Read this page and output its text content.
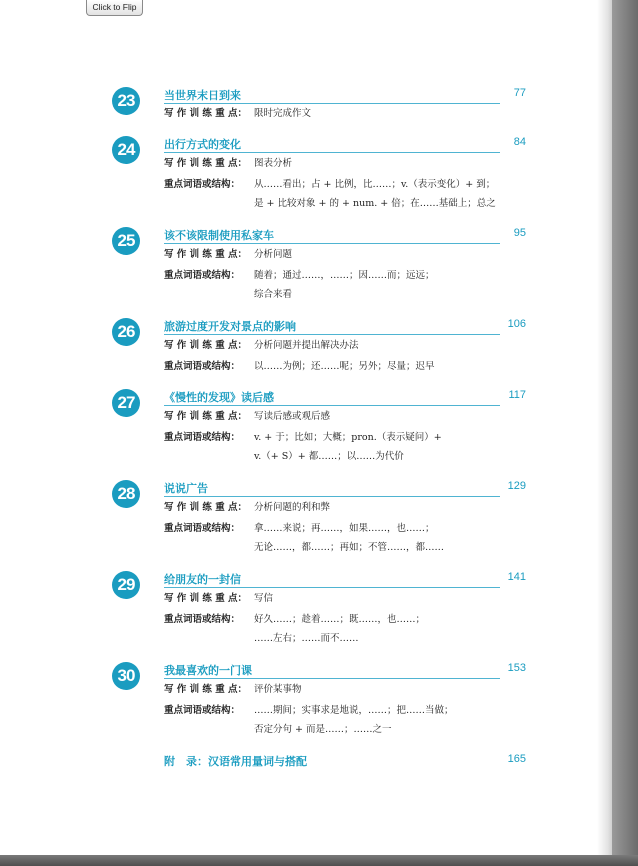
23	当世界末日到来	77
写 作 训 练 重 点： 限时完成作文
24	出行方式的变化	84
写 作 训 练 重 点： 图表分析
重点词语或结构： 从……看出；占 + 比例，比……；v.（表示变化）+ 到；
是 + 比较对象 + 的 + num. + 倍；在……基础上；总之
25	该不该限制使用私家车	95
写 作 训 练 重 点： 分析问题
重点词语或结构： 随着；通过……，……；因……而；远远；
综合来看
26	旅游过度开发对景点的影响	106
写 作 训 练 重 点： 分析问题并提出解决办法
重点词语或结构： 以……为例；还……呢；另外；尽量；迟早
27	《慢性的发现》读后感	117
写 作 训 练 重 点： 写读后感或观后感
重点词语或结构： v. + 于；比如；大概；pron.（表示疑问）+
v.（+ S）+ 都……；以……为代价
28	说说广告	129
写 作 训 练 重 点： 分析问题的利和弊
重点词语或结构： 拿……来说；再……，如果……，也……；
无论……，都……；再如；不管……，都……
29	给朋友的一封信	141
写 作 训 练 重 点： 写信
重点词语或结构： 好久……；趁着……；既……，也……；
……左右；……而不……
30	我最喜欢的一门课	153
写 作 训 练 重 点： 评价某事物
重点词语或结构： ……期间；实事求是地说，……；把……当做；
否定分句 + 而是……；……之一
附　录：汉语常用量词与搭配	165
Click to Flip
